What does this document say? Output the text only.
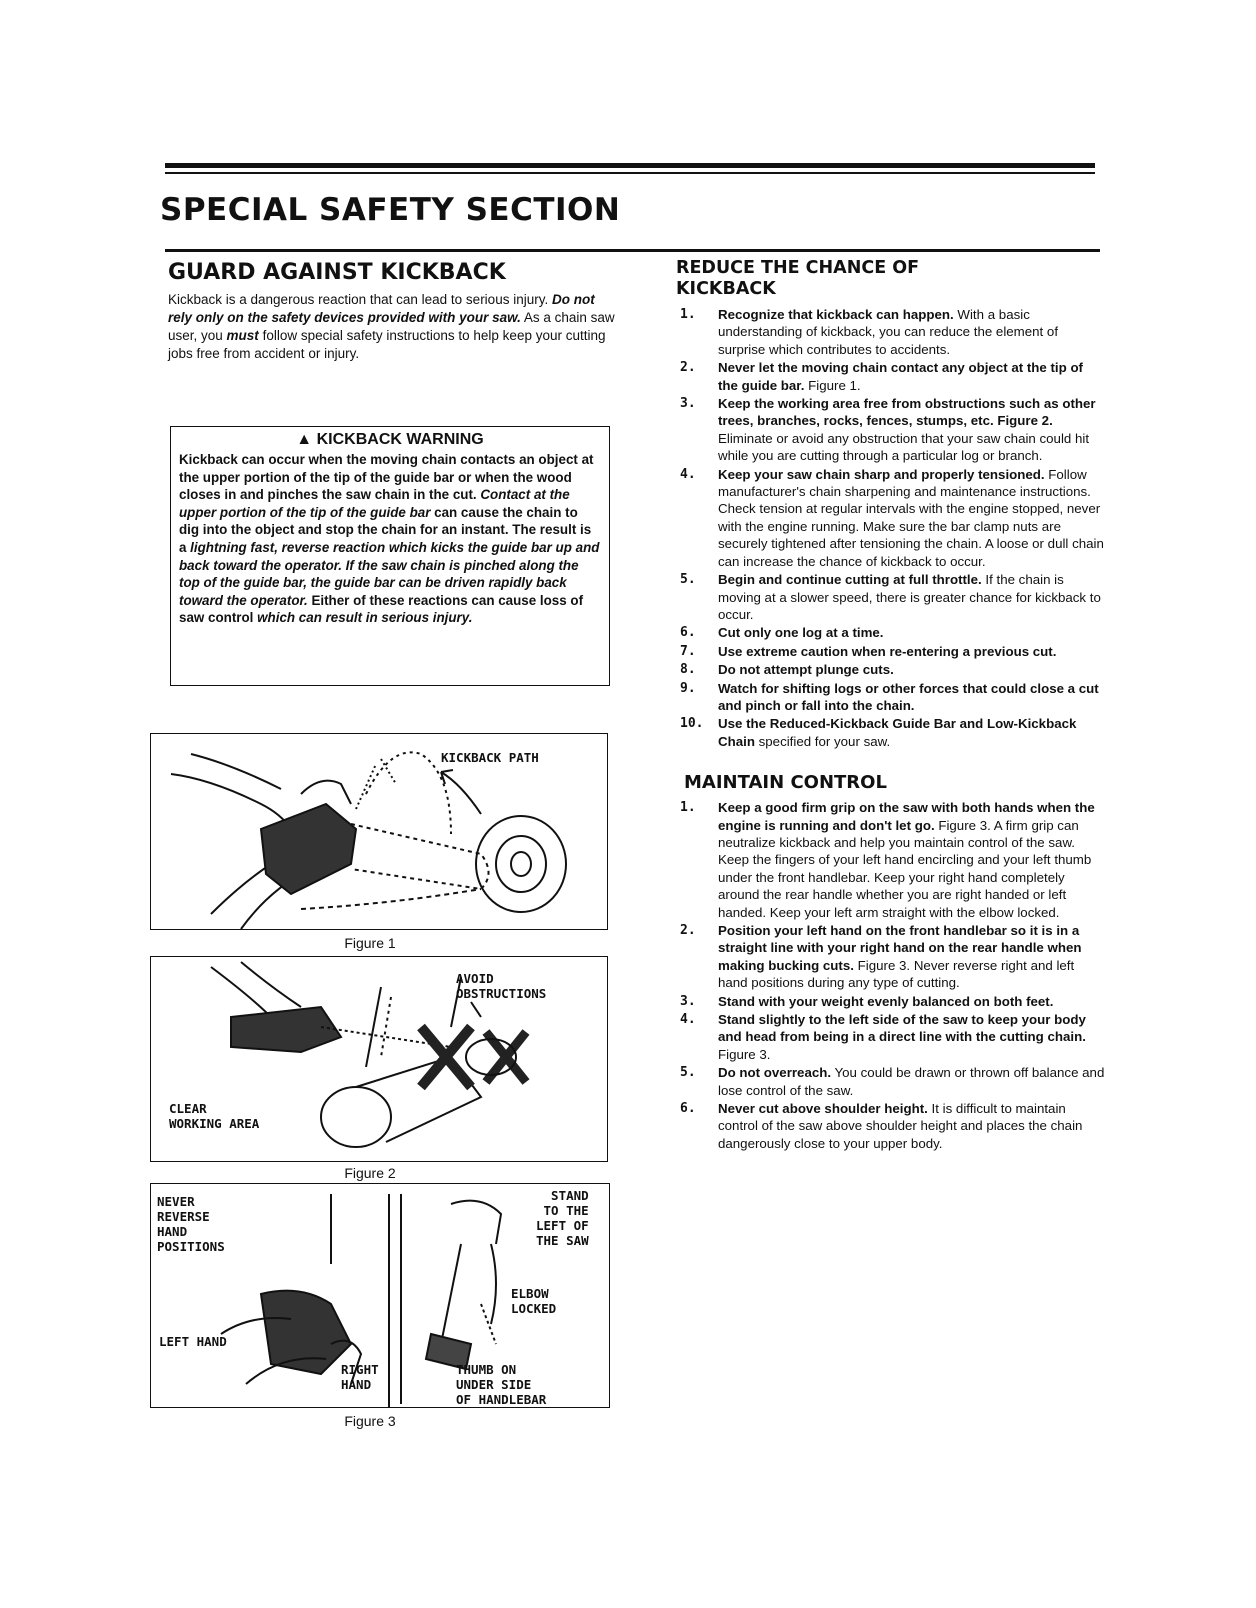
SPECIAL SAFETY SECTION
GUARD AGAINST KICKBACK

Kickback is a dangerous reaction that can lead to serious injury. Do not rely only on the safety devices provided with your saw. As a chain saw user, you must follow special safety instructions to help keep your cutting jobs free from accident or injury.

▲ KICKBACK WARNING
Kickback can occur when the moving chain contacts an object at the upper portion of the tip of the guide bar or when the wood closes in and pinches the saw chain in the cut. Contact at the upper portion of the tip of the guide bar can cause the chain to dig into the object and stop the chain for an instant. The result is a lightning fast, reverse reaction which kicks the guide bar up and back toward the operator. If the saw chain is pinched along the top of the guide bar, the guide bar can be driven rapidly back toward the operator. Either of these reactions can cause loss of saw control which can result in serious injury.
KICKBACK PATH
Figure 1
AVOID
OBSTRUCTIONS
CLEAR
WORKING AREA
Figure 2
NEVER
REVERSE
HAND
POSITIONS
LEFT HAND
RIGHT
HAND
STAND
TO THE
LEFT OF
THE SAW
ELBOW
LOCKED
THUMB ON
UNDER SIDE
OF HANDLEBAR
Figure 3
REDUCE THE CHANCE OF KICKBACK
1. Recognize that kickback can happen. With a basic understanding of kickback, you can reduce the element of surprise which contributes to accidents.
2. Never let the moving chain contact any object at the tip of the guide bar. Figure 1.
3. Keep the working area free from obstructions such as other trees, branches, rocks, fences, stumps, etc. Figure 2. Eliminate or avoid any obstruction that your saw chain could hit while you are cutting through a particular log or branch.
4. Keep your saw chain sharp and properly tensioned. Follow manufacturer's chain sharpening and maintenance instructions. Check tension at regular intervals with the engine stopped, never with the engine running. Make sure the bar clamp nuts are securely tightened after tensioning the chain. A loose or dull chain can increase the chance of kickback to occur.
5. Begin and continue cutting at full throttle. If the chain is moving at a slower speed, there is greater chance for kickback to occur.
6. Cut only one log at a time.
7. Use extreme caution when re-entering a previous cut.
8. Do not attempt plunge cuts.
9. Watch for shifting logs or other forces that could close a cut and pinch or fall into the chain.
10. Use the Reduced-Kickback Guide Bar and Low-Kickback Chain specified for your saw.
MAINTAIN CONTROL
1. Keep a good firm grip on the saw with both hands when the engine is running and don't let go. Figure 3. A firm grip can neutralize kickback and help you maintain control of the saw. Keep the fingers of your left hand encircling and your left thumb under the front handlebar. Keep your right hand completely around the rear handle whether you are right handed or left handed. Keep your left arm straight with the elbow locked.
2. Position your left hand on the front handlebar so it is in a straight line with your right hand on the rear handle when making bucking cuts. Figure 3. Never reverse right and left hand positions during any type of cutting.
3. Stand with your weight evenly balanced on both feet.
4. Stand slightly to the left side of the saw to keep your body and head from being in a direct line with the cutting chain. Figure 3.
5. Do not overreach. You could be drawn or thrown off balance and lose control of the saw.
6. Never cut above shoulder height. It is difficult to maintain control of the saw above shoulder height and places the chain dangerously close to your upper body.
